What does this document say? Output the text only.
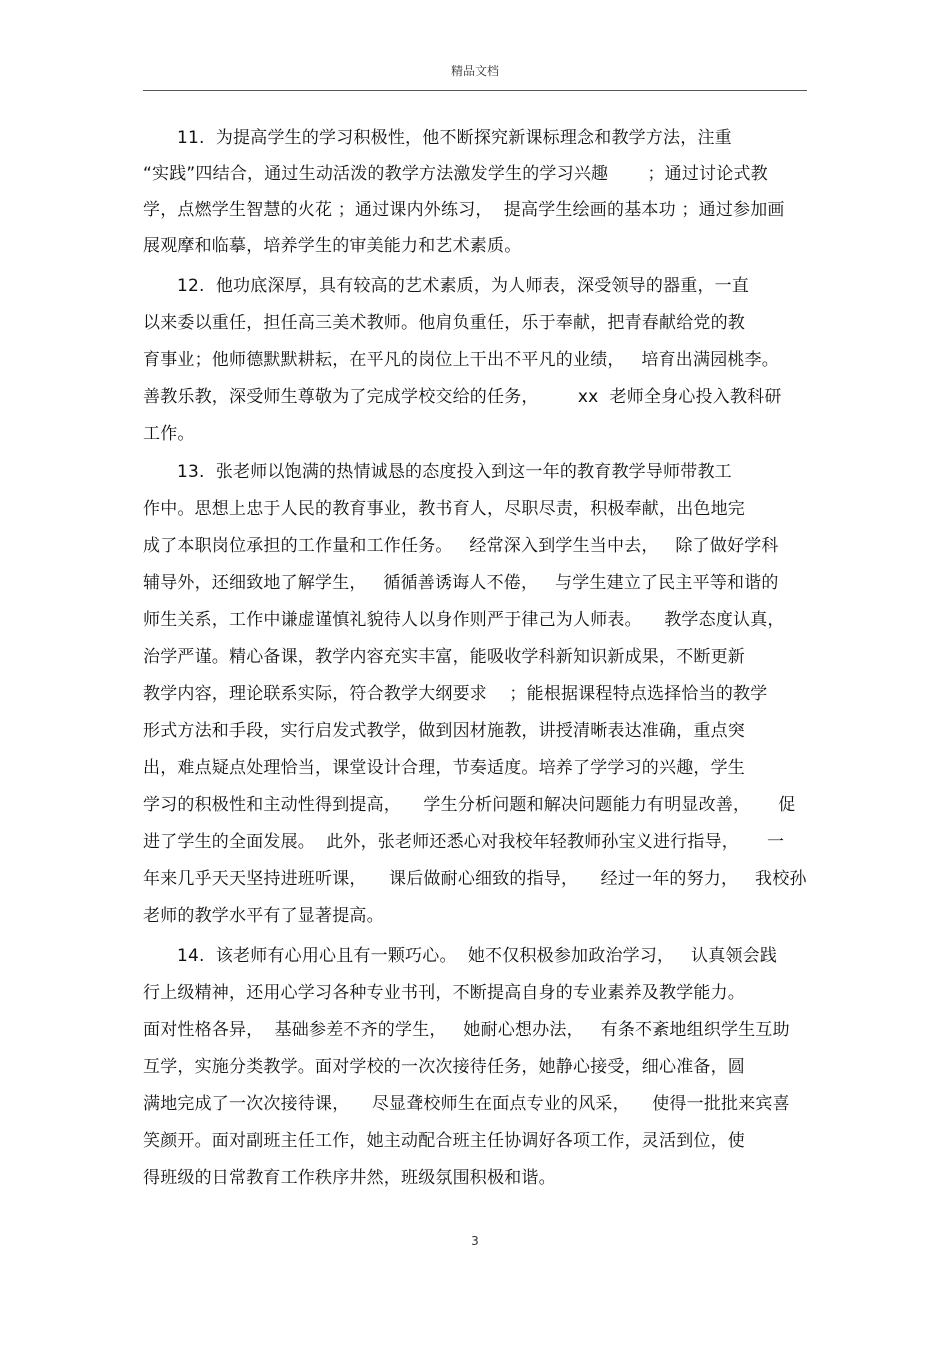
精品文档
11.  为提高学生的学习积极性，他不断探究新课标理念和教学方法，注重
“实践”四结合，通过生动活泼的教学方法激发学生的学习兴趣       ；通过讨论式教
学，点燃学生智慧的火花 ；通过课内外练习，  提高学生绘画的基本功 ；通过参加画
展观摩和临摹，培养学生的审美能力和艺术素质。
12.  他功底深厚，具有较高的艺术素质，为人师表，深受领导的器重，一直
以来委以重任，担任高三美术教师。他肩负重任，乐于奉献，把青春献给党的教
育事业；他师德默默耕耘，在平凡的岗位上干出不平凡的业绩，   培育出满园桃李。
善教乐教，深受师生尊敬为了完成学校交给的任务，       xx  老师全身心投入教科研
工作。
13.  张老师以饱满的热情诚恳的态度投入到这一年的教育教学导师带教工
作中。思想上忠于人民的教育事业，教书育人，尽职尽责，积极奉献，出色地完
成了本职岗位承担的工作量和工作任务。   经常深入到学生当中去，   除了做好学科
辅导外，还细致地了解学生，   循循善诱诲人不倦，   与学生建立了民主平等和谐的
师生关系，工作中谦虚谨慎礼貌待人以身作则严于律己为人师表。    教学态度认真，
治学严谨。精心备课，教学内容充实丰富，能吸收学科新知识新成果，不断更新
教学内容，理论联系实际，符合教学大纲要求    ；能根据课程特点选择恰当的教学
形式方法和手段，实行启发式教学，做到因材施教，讲授清晰表达准确，重点突
出，难点疑点处理恰当，课堂设计合理，节奏适度。培养了学学习的兴趣，学生
学习的积极性和主动性得到提高，    学生分析问题和解决问题能力有明显改善，     促
进了学生的全面发展。  此外，张老师还悉心对我校年轻教师孙宝义进行指导，     一
年来几乎天天坚持进班听课，    课后做耐心细致的指导，    经过一年的努力，   我校孙
老师的教学水平有了显著提高。
14.  该老师有心用心且有一颗巧心。  她不仅积极参加政治学习，   认真领会践
行上级精神，还用心学习各种专业书刊，不断提高自身的专业素养及教学能力。
面对性格各异，  基础参差不齐的学生，   她耐心想办法，   有条不紊地组织学生互助
互学，实施分类教学。面对学校的一次次接待任务，她静心接受，细心准备，圆
满地完成了一次次接待课，    尽显聋校师生在面点专业的风采，    使得一批批来宾喜
笑颜开。面对副班主任工作，她主动配合班主任协调好各项工作，灵活到位，使
得班级的日常教育工作秩序井然，班级氛围积极和谐。
3
